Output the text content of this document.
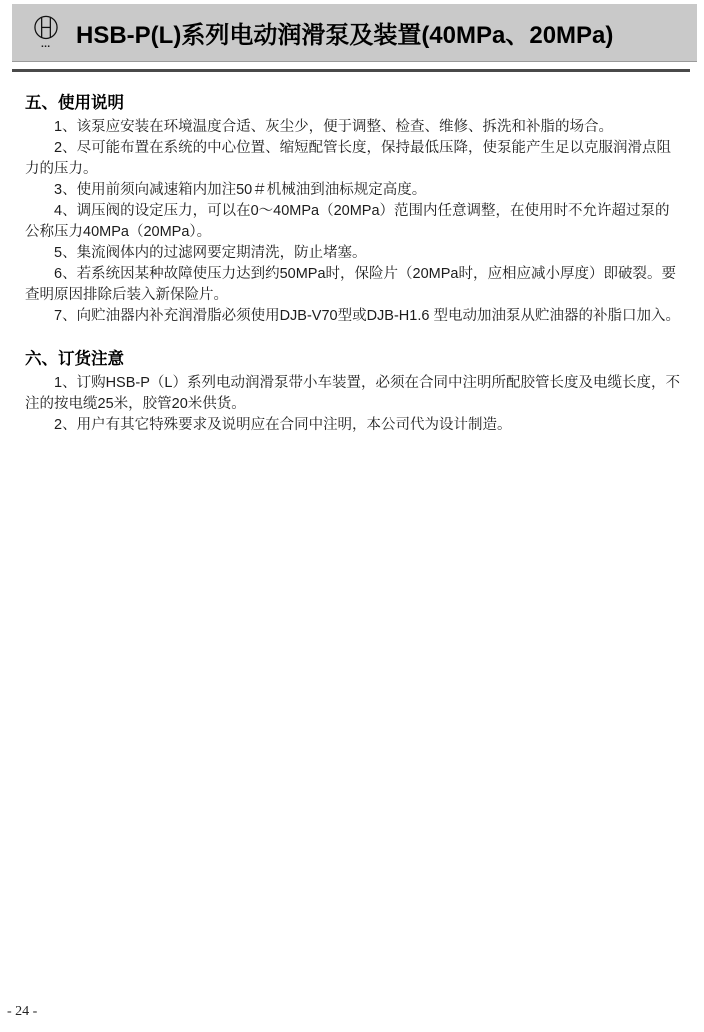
▪▪▪ HSB-P(L)系列电动润滑泵及装置(40MPa、20MPa)
五、使用说明

1、该泵应安装在环境温度合适、灰尘少，便于调整、检查、维修、拆洗和补脂的场合。

2、尽可能布置在系统的中心位置、缩短配管长度，保持最低压降，使泵能产生足以克服润滑点阻力的压力。

3、使用前须向减速箱内加注50＃机械油到油标规定高度。

4、调压阀的设定压力，可以在0～40MPa（20MPa）范围内任意调整，在使用时不允许超过泵的公称压力40MPa（20MPa）。

5、集流阀体内的过滤网要定期清洗，防止堵塞。

6、若系统因某种故障使压力达到约50MPa时，保险片（20MPa时，应相应减小厚度）即破裂。要查明原因排除后装入新保险片。

7、向贮油器内补充润滑脂必须使用DJB-V70型或DJB-H1.6 型电动加油泵从贮油器的补脂口加入。

六、订货注意

1、订购HSB-P（L）系列电动润滑泵带小车装置，必须在合同中注明所配胶管长度及电缆长度，不注的按电缆25米，胶管20米供货。

2、用户有其它特殊要求及说明应在合同中注明，本公司代为设计制造。

- 24 -
